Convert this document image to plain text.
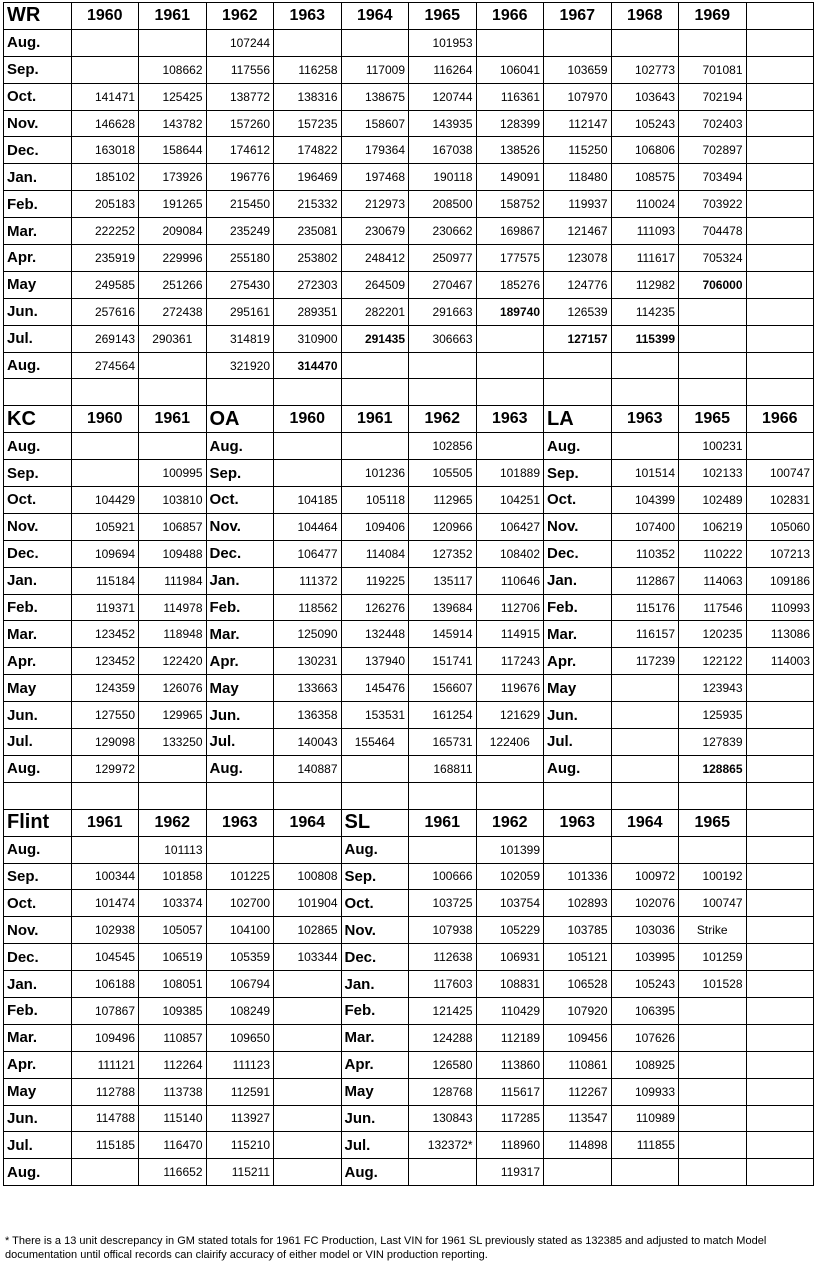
WR	1960	1961	1962	1963	1964	1965	1966	1967	1968	1969	
Aug.			107244			101953					
Sep.		108662	117556	116258	117009	116264	106041	103659	102773	701081	
Oct.	141471	125425	138772	138316	138675	120744	116361	107970	103643	702194	
Nov.	146628	143782	157260	157235	158607	143935	128399	112147	105243	702403	
Dec.	163018	158644	174612	174822	179364	167038	138526	115250	106806	702897	
Jan.	185102	173926	196776	196469	197468	190118	149091	118480	108575	703494	
Feb.	205183	191265	215450	215332	212973	208500	158752	119937	110024	703922	
Mar.	222252	209084	235249	235081	230679	230662	169867	121467	111093	704478	
Apr.	235919	229996	255180	253802	248412	250977	177575	123078	111617	705324	
May	249585	251266	275430	272303	264509	270467	185276	124776	112982	706000	
Jun.	257616	272438	295161	289351	282201	291663	189740	126539	114235		
Jul.	269143	290361	314819	310900	291435	306663		127157	115399		
Aug.	274564		321920	314470							

KC	1960	1961	OA	1960	1961	1962	1963	LA	1963	1965	1966
Aug.			Aug.			102856		Aug.		100231	
Sep.		100995	Sep.		101236	105505	101889	Sep.	101514	102133	100747
Oct.	104429	103810	Oct.	104185	105118	112965	104251	Oct.	104399	102489	102831
Nov.	105921	106857	Nov.	104464	109406	120966	106427	Nov.	107400	106219	105060
Dec.	109694	109488	Dec.	106477	114084	127352	108402	Dec.	110352	110222	107213
Jan.	115184	111984	Jan.	111372	119225	135117	110646	Jan.	112867	114063	109186
Feb.	119371	114978	Feb.	118562	126276	139684	112706	Feb.	115176	117546	110993
Mar.	123452	118948	Mar.	125090	132448	145914	114915	Mar.	116157	120235	113086
Apr.	123452	122420	Apr.	130231	137940	151741	117243	Apr.	117239	122122	114003
May	124359	126076	May	133663	145476	156607	119676	May		123943	
Jun.	127550	129965	Jun.	136358	153531	161254	121629	Jun.		125935	
Jul.	129098	133250	Jul.	140043	155464	165731	122406	Jul.		127839	
Aug.	129972		Aug.	140887		168811		Aug.		128865	

Flint	1961	1962	1963	1964	SL	1961	1962	1963	1964	1965	
Aug.		101113			Aug.		101399				
Sep.	100344	101858	101225	100808	Sep.	100666	102059	101336	100972	100192	
Oct.	101474	103374	102700	101904	Oct.	103725	103754	102893	102076	100747	
Nov.	102938	105057	104100	102865	Nov.	107938	105229	103785	103036	Strike	
Dec.	104545	106519	105359	103344	Dec.	112638	106931	105121	103995	101259	
Jan.	106188	108051	106794		Jan.	117603	108831	106528	105243	101528	
Feb.	107867	109385	108249		Feb.	121425	110429	107920	106395		
Mar.	109496	110857	109650		Mar.	124288	112189	109456	107626		
Apr.	111121	112264	111123		Apr.	126580	113860	110861	108925		
May	112788	113738	112591		May	128768	115617	112267	109933		
Jun.	114788	115140	113927		Jun.	130843	117285	113547	110989		
Jul.	115185	116470	115210		Jul.	132372*	118960	114898	111855		
Aug.		116652	115211		Aug.		119317				

* There is a 13 unit descrepancy in GM stated totals for 1961 FC Production, Last VIN for 1961 SL previously stated as 132385 and adjusted to match Model documentation until offical records can clairify accuracy of either model or VIN production reporting.
